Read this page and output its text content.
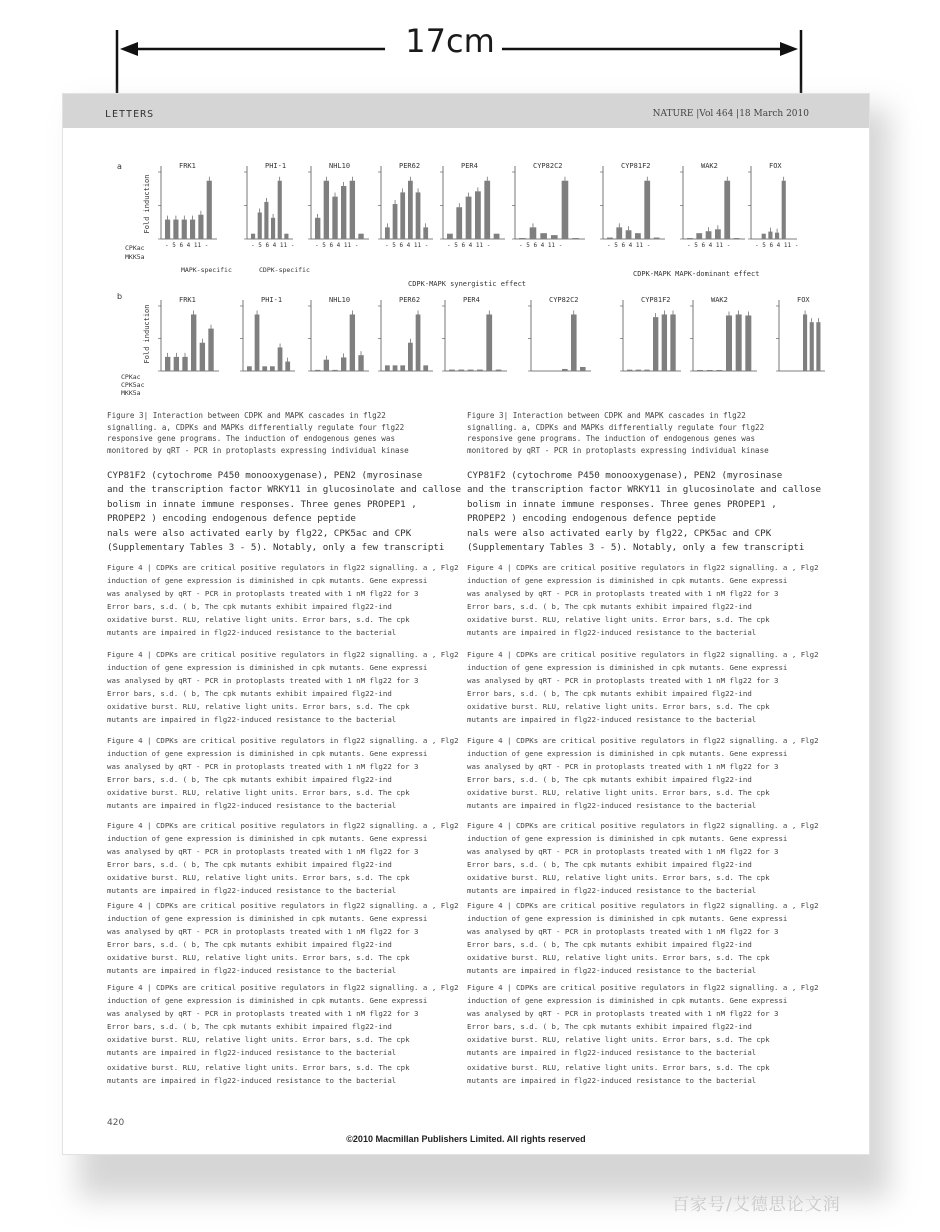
17cm
LETTERS	NATURE |Vol 464 |18 March 2010
FRK1	PHI-1	NHL10	PER62	PER4	CYP82C2	CYP81F2	WAK2	FOX
FRK1	PHI-1	NHL10	PER62	PER4	CYP82C2	CYP81F2	WAK2	FOX
Fold induction
Fold induction
CPKac
MKK5a
CPKac
CPK5ac
MKK5a
- 5 6 4 11 -	- 5 6 4 11 -	- 5 6 4 11 -	- 5 6 4 11 -	- 5 6 4 11 -	- 5 6 4 11 -	- 5 6 4 11 -	- 5 6 4 11 -	- 5 6 4 11 -
MAPK-specific	CDPK-specific
CDPK-MAPK synergistic effect
CDPK-MAPK MAPK-dominant effect
a
b
Figure 3| Interaction between CDPK and MAPK cascades in flg22
signalling. a, CDPKs and MAPKs differentially regulate four flg22
responsive gene programs. The induction of endogenous genes was
monitored by qRT - PCR in protoplasts expressing individual kinase
Figure 3| Interaction between CDPK and MAPK cascades in flg22
signalling. a, CDPKs and MAPKs differentially regulate four flg22
responsive gene programs. The induction of endogenous genes was
monitored by qRT - PCR in protoplasts expressing individual kinase
CYP81F2 (cytochrome P450 monooxygenase), PEN2 (myrosinase
and the transcription factor WRKY11 in glucosinolate and callose
bolism in innate immune responses. Three genes PROPEP1 ,
PROPEP2 ) encoding endogenous defence peptide
nals were also activated early by flg22, CPK5ac and CPK
(Supplementary Tables 3 - 5). Notably, only a few transcripti
CYP81F2 (cytochrome P450 monooxygenase), PEN2 (myrosinase
and the transcription factor WRKY11 in glucosinolate and callose
bolism in innate immune responses. Three genes PROPEP1 ,
PROPEP2 ) encoding endogenous defence peptide
nals were also activated early by flg22, CPK5ac and CPK
(Supplementary Tables 3 - 5). Notably, only a few transcripti
Figure 4 | CDPKs are critical positive regulators in flg22 signalling. a , Flg2
induction of gene expression is diminished in cpk mutants. Gene expressi
was analysed by qRT - PCR in protoplasts treated with 1 nM flg22 for 3
Error bars, s.d. ( b, The cpk mutants exhibit impaired flg22-ind
oxidative burst. RLU, relative light units. Error bars, s.d. The cpk
mutants are impaired in flg22-induced resistance to the bacterial
Figure 4 | CDPKs are critical positive regulators in flg22 signalling. a , Flg2
induction of gene expression is diminished in cpk mutants. Gene expressi
was analysed by qRT - PCR in protoplasts treated with 1 nM flg22 for 3
Error bars, s.d. ( b, The cpk mutants exhibit impaired flg22-ind
oxidative burst. RLU, relative light units. Error bars, s.d. The cpk
mutants are impaired in flg22-induced resistance to the bacterial
Figure 4 | CDPKs are critical positive regulators in flg22 signalling. a , Flg2
induction of gene expression is diminished in cpk mutants. Gene expressi
was analysed by qRT - PCR in protoplasts treated with 1 nM flg22 for 3
Error bars, s.d. ( b, The cpk mutants exhibit impaired flg22-ind
oxidative burst. RLU, relative light units. Error bars, s.d. The cpk
mutants are impaired in flg22-induced resistance to the bacterial
Figure 4 | CDPKs are critical positive regulators in flg22 signalling. a , Flg2
induction of gene expression is diminished in cpk mutants. Gene expressi
was analysed by qRT - PCR in protoplasts treated with 1 nM flg22 for 3
Error bars, s.d. ( b, The cpk mutants exhibit impaired flg22-ind
oxidative burst. RLU, relative light units. Error bars, s.d. The cpk
mutants are impaired in flg22-induced resistance to the bacterial
Figure 4 | CDPKs are critical positive regulators in flg22 signalling. a , Flg2
induction of gene expression is diminished in cpk mutants. Gene expressi
was analysed by qRT - PCR in protoplasts treated with 1 nM flg22 for 3
Error bars, s.d. ( b, The cpk mutants exhibit impaired flg22-ind
oxidative burst. RLU, relative light units. Error bars, s.d. The cpk
mutants are impaired in flg22-induced resistance to the bacterial
Figure 4 | CDPKs are critical positive regulators in flg22 signalling. a , Flg2
induction of gene expression is diminished in cpk mutants. Gene expressi
was analysed by qRT - PCR in protoplasts treated with 1 nM flg22 for 3
Error bars, s.d. ( b, The cpk mutants exhibit impaired flg22-ind
oxidative burst. RLU, relative light units. Error bars, s.d. The cpk
mutants are impaired in flg22-induced resistance to the bacterial
Figure 4 | CDPKs are critical positive regulators in flg22 signalling. a , Flg2
induction of gene expression is diminished in cpk mutants. Gene expressi
was analysed by qRT - PCR in protoplasts treated with 1 nM flg22 for 3
Error bars, s.d. ( b, The cpk mutants exhibit impaired flg22-ind
oxidative burst. RLU, relative light units. Error bars, s.d. The cpk
mutants are impaired in flg22-induced resistance to the bacterial
Figure 4 | CDPKs are critical positive regulators in flg22 signalling. a , Flg2
induction of gene expression is diminished in cpk mutants. Gene expressi
was analysed by qRT - PCR in protoplasts treated with 1 nM flg22 for 3
Error bars, s.d. ( b, The cpk mutants exhibit impaired flg22-ind
oxidative burst. RLU, relative light units. Error bars, s.d. The cpk
mutants are impaired in flg22-induced resistance to the bacterial
Figure 4 | CDPKs are critical positive regulators in flg22 signalling. a , Flg2
induction of gene expression is diminished in cpk mutants. Gene expressi
was analysed by qRT - PCR in protoplasts treated with 1 nM flg22 for 3
Error bars, s.d. ( b, The cpk mutants exhibit impaired flg22-ind
oxidative burst. RLU, relative light units. Error bars, s.d. The cpk
mutants are impaired in flg22-induced resistance to the bacterial
Figure 4 | CDPKs are critical positive regulators in flg22 signalling. a , Flg2
induction of gene expression is diminished in cpk mutants. Gene expressi
was analysed by qRT - PCR in protoplasts treated with 1 nM flg22 for 3
Error bars, s.d. ( b, The cpk mutants exhibit impaired flg22-ind
oxidative burst. RLU, relative light units. Error bars, s.d. The cpk
mutants are impaired in flg22-induced resistance to the bacterial
Figure 4 | CDPKs are critical positive regulators in flg22 signalling. a , Flg2
induction of gene expression is diminished in cpk mutants. Gene expressi
was analysed by qRT - PCR in protoplasts treated with 1 nM flg22 for 3
Error bars, s.d. ( b, The cpk mutants exhibit impaired flg22-ind
oxidative burst. RLU, relative light units. Error bars, s.d. The cpk
mutants are impaired in flg22-induced resistance to the bacterial
Figure 4 | CDPKs are critical positive regulators in flg22 signalling. a , Flg2
induction of gene expression is diminished in cpk mutants. Gene expressi
was analysed by qRT - PCR in protoplasts treated with 1 nM flg22 for 3
Error bars, s.d. ( b, The cpk mutants exhibit impaired flg22-ind
oxidative burst. RLU, relative light units. Error bars, s.d. The cpk
mutants are impaired in flg22-induced resistance to the bacterial
oxidative burst. RLU, relative light units. Error bars, s.d. The cpk
mutants are impaired in flg22-induced resistance to the bacterial
oxidative burst. RLU, relative light units. Error bars, s.d. The cpk
mutants are impaired in flg22-induced resistance to the bacterial
420
©2010 Macmillan Publishers Limited. All rights reserved
百家号/艾德思论文润
